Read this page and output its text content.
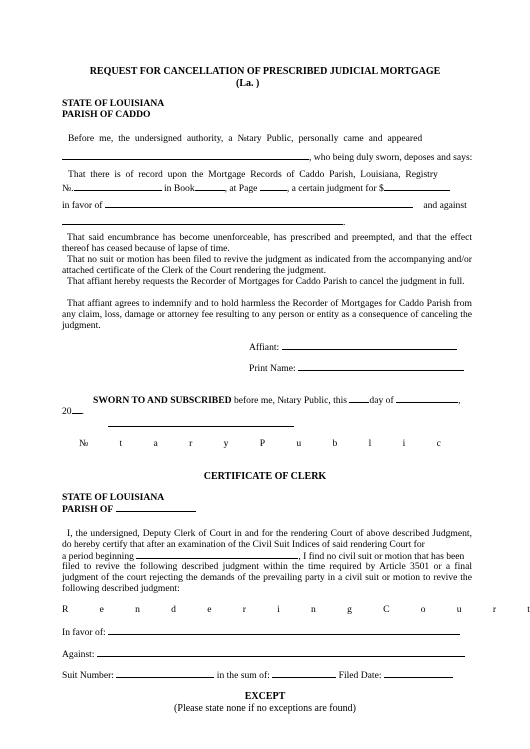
REQUEST FOR CANCELLATION OF PRESCRIBED JUDICIAL MORTGAGE
(La. )
STATE OF LOUISIANA
PARISH OF CADDO
Before me, the undersigned authority, a №tary Public, personally came and appeared
, who being duly sworn, deposes and says:
That there is of record upon the Mortgage Records of Caddo Parish, Louisiana, Registry
№.	in Book	, at Page	, a certain judgment for $
in favor of	and against
.
That said encumbrance has become unenforceable, has prescribed and preempted, and that the effect thereof has ceased because of lapse of time.
That no suit or motion has been filed to revive the judgment as indicated from the accompanying and/or attached certificate of the Clerk of the Court rendering the judgment.
That affiant hereby requests the Recorder of Mortgages for Caddo Parish to cancel the judgment in full.
That affiant agrees to indemnify and to hold harmless the Recorder of Mortgages for Caddo Parish from any claim, loss, damage or attorney fee resulting to any person or entity as a consequence of canceling the judgment.
Affiant:
Print Name:
SWORN TO AND SUBSCRIBED before me, №tary Public, this day of	,
20 .
№	t	a	r	y	P	u	b	l	i	c
CERTIFICATE OF CLERK
STATE OF LOUISIANA
PARISH OF
I, the undersigned, Deputy Clerk of Court in and for the rendering Court of above described Judgment, do hereby certify that after an examination of the Civil Suit Indices of said rendering Court for
a period beginning	, I find no civil suit or motion that has been
filed to revive the following described judgment within the time required by Article 3501 or a final judgment of the court rejecting the demands of the prevailing party in a civil suit or motion to revive the following described judgment:
R	e	n	d	e	r	i	n	g	C	o	u	r	t
In favor of:
Against:
Suit Number:	in the sum of:	Filed Date:
EXCEPT
(Please state none if no exceptions are found)
